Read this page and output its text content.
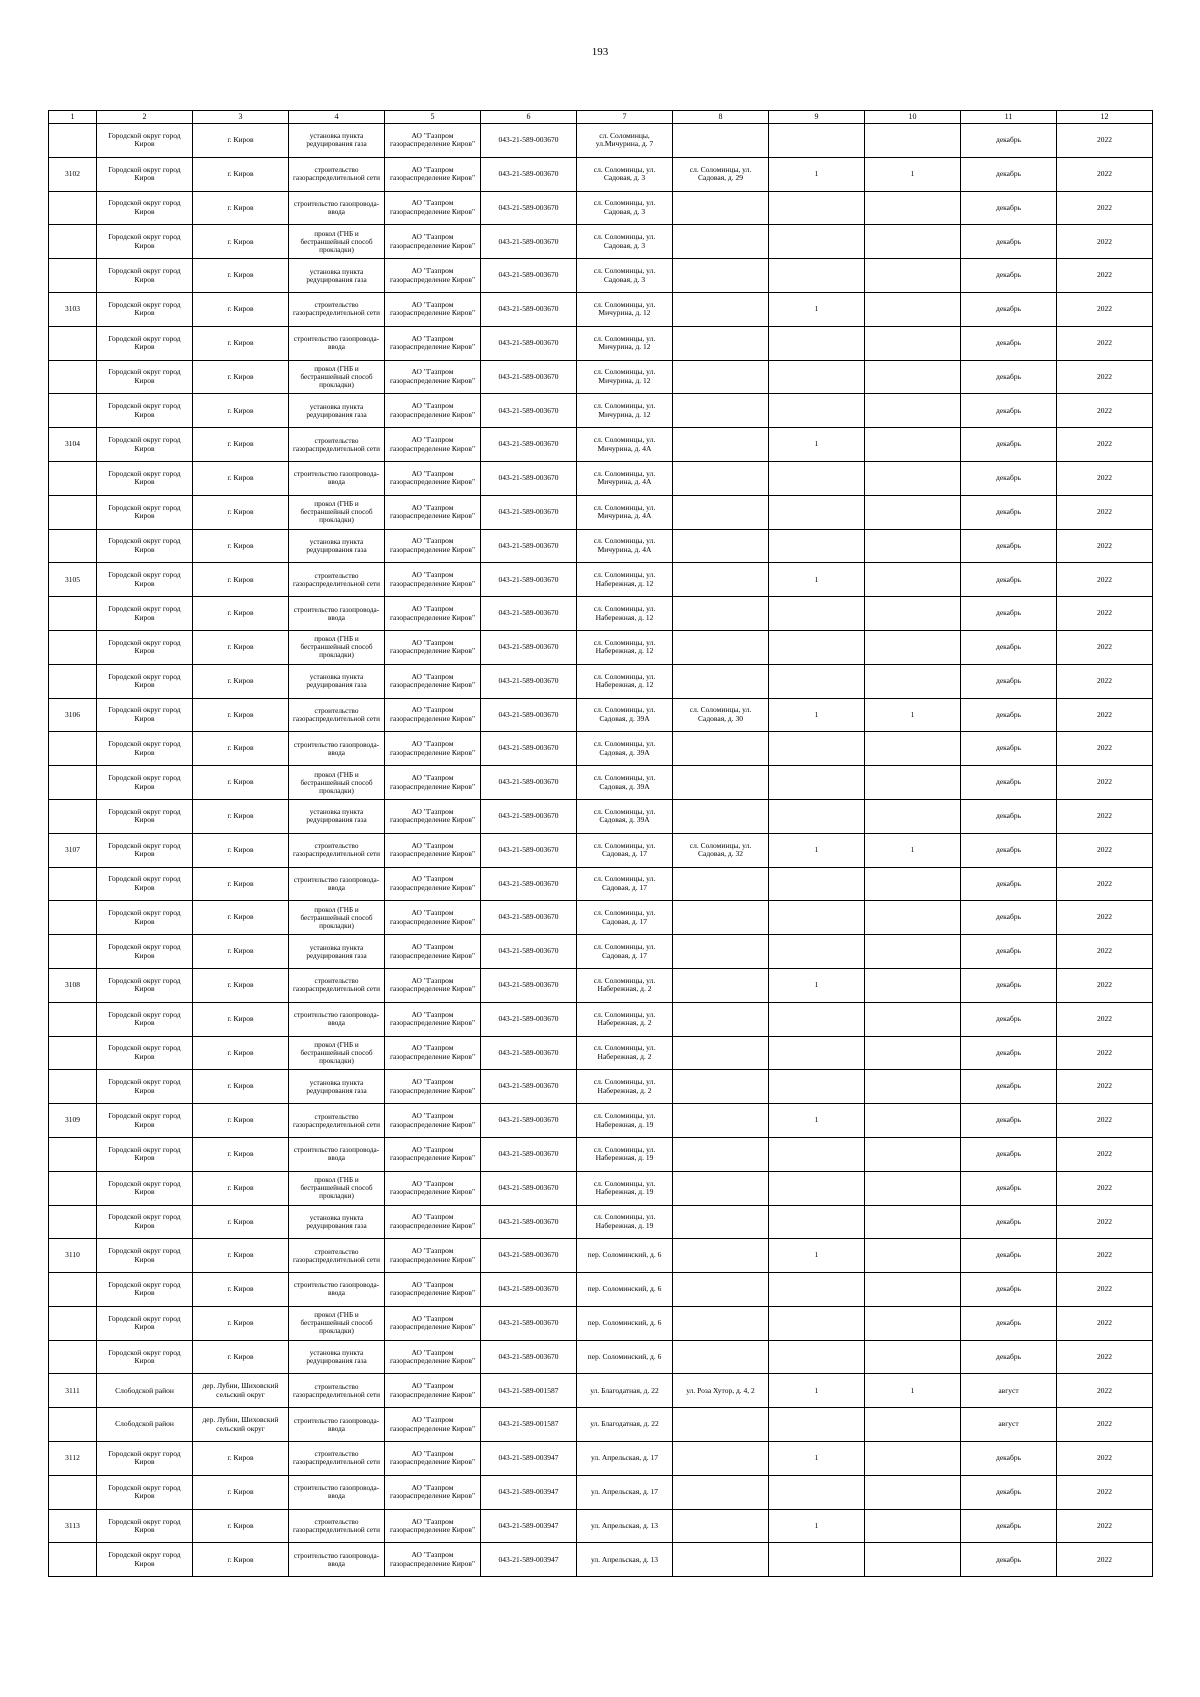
193
1	2	3	4	5	6	7	8	9	10	11	12
	Городской округ город Киров	г. Киров	установка пункта редуцирования газа	АО "Газпром газораспределение Киров"	043-21-589-003670	сл. Соломинцы, ул.Мичурина, д. 7				декабрь	2022
3102	Городской округ город Киров	г. Киров	строительство газораспределительной сети	АО "Газпром газораспределение Киров"	043-21-589-003670	сл. Соломинцы, ул. Садовая, д. 3	сл. Соломинцы, ул. Садовая, д. 29	1	1	декабрь	2022
	Городской округ город Киров	г. Киров	строительство газопровода-ввода	АО "Газпром газораспределение Киров"	043-21-589-003670	сл. Соломинцы, ул. Садовая, д. 3				декабрь	2022
	Городской округ город Киров	г. Киров	прокол (ГНБ и бестраншейный способ прокладки)	АО "Газпром газораспределение Киров"	043-21-589-003670	сл. Соломинцы, ул. Садовая, д. 3				декабрь	2022
	Городской округ город Киров	г. Киров	установка пункта редуцирования газа	АО "Газпром газораспределение Киров"	043-21-589-003670	сл. Соломинцы, ул. Садовая, д. 3				декабрь	2022
3103	Городской округ город Киров	г. Киров	строительство газораспределительной сети	АО "Газпром газораспределение Киров"	043-21-589-003670	сл. Соломинцы, ул. Мичурина, д. 12		1		декабрь	2022
	Городской округ город Киров	г. Киров	строительство газопровода-ввода	АО "Газпром газораспределение Киров"	043-21-589-003670	сл. Соломинцы, ул. Мичурина, д. 12				декабрь	2022
	Городской округ город Киров	г. Киров	прокол (ГНБ и бестраншейный способ прокладки)	АО "Газпром газораспределение Киров"	043-21-589-003670	сл. Соломинцы, ул. Мичурина, д. 12				декабрь	2022
	Городской округ город Киров	г. Киров	установка пункта редуцирования газа	АО "Газпром газораспределение Киров"	043-21-589-003670	сл. Соломинцы, ул. Мичурина, д. 12				декабрь	2022
3104	Городской округ город Киров	г. Киров	строительство газораспределительной сети	АО "Газпром газораспределение Киров"	043-21-589-003670	сл. Соломинцы, ул. Мичурина, д. 4А		1		декабрь	2022
	Городской округ город Киров	г. Киров	строительство газопровода-ввода	АО "Газпром газораспределение Киров"	043-21-589-003670	сл. Соломинцы, ул. Мичурина, д. 4А				декабрь	2022
	Городской округ город Киров	г. Киров	прокол (ГНБ и бестраншейный способ прокладки)	АО "Газпром газораспределение Киров"	043-21-589-003670	сл. Соломинцы, ул. Мичурина, д. 4А				декабрь	2022
	Городской округ город Киров	г. Киров	установка пункта редуцирования газа	АО "Газпром газораспределение Киров"	043-21-589-003670	сл. Соломинцы, ул. Мичурина, д. 4А				декабрь	2022
3105	Городской округ город Киров	г. Киров	строительство газораспределительной сети	АО "Газпром газораспределение Киров"	043-21-589-003670	сл. Соломинцы, ул. Набережная, д. 12		1		декабрь	2022
	Городской округ город Киров	г. Киров	строительство газопровода-ввода	АО "Газпром газораспределение Киров"	043-21-589-003670	сл. Соломинцы, ул. Набережная, д. 12				декабрь	2022
	Городской округ город Киров	г. Киров	прокол (ГНБ и бестраншейный способ прокладки)	АО "Газпром газораспределение Киров"	043-21-589-003670	сл. Соломинцы, ул. Набережная, д. 12				декабрь	2022
	Городской округ город Киров	г. Киров	установка пункта редуцирования газа	АО "Газпром газораспределение Киров"	043-21-589-003670	сл. Соломинцы, ул. Набережная, д. 12				декабрь	2022
3106	Городской округ город Киров	г. Киров	строительство газораспределительной сети	АО "Газпром газораспределение Киров"	043-21-589-003670	сл. Соломинцы, ул. Садовая, д. 39А	сл. Соломинцы, ул. Садовая, д. 30	1	1	декабрь	2022
	Городской округ город Киров	г. Киров	строительство газопровода-ввода	АО "Газпром газораспределение Киров"	043-21-589-003670	сл. Соломинцы, ул. Садовая, д. 39А				декабрь	2022
	Городской округ город Киров	г. Киров	прокол (ГНБ и бестраншейный способ прокладки)	АО "Газпром газораспределение Киров"	043-21-589-003670	сл. Соломинцы, ул. Садовая, д. 39А				декабрь	2022
	Городской округ город Киров	г. Киров	установка пункта редуцирования газа	АО "Газпром газораспределение Киров"	043-21-589-003670	сл. Соломинцы, ул. Садовая, д. 39А				декабрь	2022
3107	Городской округ город Киров	г. Киров	строительство газораспределительной сети	АО "Газпром газораспределение Киров"	043-21-589-003670	сл. Соломинцы, ул. Садовая, д. 17	сл. Соломинцы, ул. Садовая, д. 32	1	1	декабрь	2022
	Городской округ город Киров	г. Киров	строительство газопровода-ввода	АО "Газпром газораспределение Киров"	043-21-589-003670	сл. Соломинцы, ул. Садовая, д. 17				декабрь	2022
	Городской округ город Киров	г. Киров	прокол (ГНБ и бестраншейный способ прокладки)	АО "Газпром газораспределение Киров"	043-21-589-003670	сл. Соломинцы, ул. Садовая, д. 17				декабрь	2022
	Городской округ город Киров	г. Киров	установка пункта редуцирования газа	АО "Газпром газораспределение Киров"	043-21-589-003670	сл. Соломинцы, ул. Садовая, д. 17				декабрь	2022
3108	Городской округ город Киров	г. Киров	строительство газораспределительной сети	АО "Газпром газораспределение Киров"	043-21-589-003670	сл. Соломинцы, ул. Набережная, д. 2		1		декабрь	2022
	Городской округ город Киров	г. Киров	строительство газопровода-ввода	АО "Газпром газораспределение Киров"	043-21-589-003670	сл. Соломинцы, ул. Набережная, д. 2				декабрь	2022
	Городской округ город Киров	г. Киров	прокол (ГНБ и бестраншейный способ прокладки)	АО "Газпром газораспределение Киров"	043-21-589-003670	сл. Соломинцы, ул. Набережная, д. 2				декабрь	2022
	Городской округ город Киров	г. Киров	установка пункта редуцирования газа	АО "Газпром газораспределение Киров"	043-21-589-003670	сл. Соломинцы, ул. Набережная, д. 2				декабрь	2022
3109	Городской округ город Киров	г. Киров	строительство газораспределительной сети	АО "Газпром газораспределение Киров"	043-21-589-003670	сл. Соломинцы, ул. Набережная, д. 19		1		декабрь	2022
	Городской округ город Киров	г. Киров	строительство газопровода-ввода	АО "Газпром газораспределение Киров"	043-21-589-003670	сл. Соломинцы, ул. Набережная, д. 19				декабрь	2022
	Городской округ город Киров	г. Киров	прокол (ГНБ и бестраншейный способ прокладки)	АО "Газпром газораспределение Киров"	043-21-589-003670	сл. Соломинцы, ул. Набережная, д. 19				декабрь	2022
	Городской округ город Киров	г. Киров	установка пункта редуцирования газа	АО "Газпром газораспределение Киров"	043-21-589-003670	сл. Соломинцы, ул. Набережная, д. 19				декабрь	2022
3110	Городской округ город Киров	г. Киров	строительство газораспределительной сети	АО "Газпром газораспределение Киров"	043-21-589-003670	пер. Соломинский, д. 6		1		декабрь	2022
	Городской округ город Киров	г. Киров	строительство газопровода-ввода	АО "Газпром газораспределение Киров"	043-21-589-003670	пер. Соломинский, д. 6				декабрь	2022
	Городской округ город Киров	г. Киров	прокол (ГНБ и бестраншейный способ прокладки)	АО "Газпром газораспределение Киров"	043-21-589-003670	пер. Соломинский, д. 6				декабрь	2022
	Городской округ город Киров	г. Киров	установка пункта редуцирования газа	АО "Газпром газораспределение Киров"	043-21-589-003670	пер. Соломинский, д. 6				декабрь	2022
3111	Слободской район	дер. Лубни, Шиховский сельский округ	строительство газораспределительной сети	АО "Газпром газораспределение Киров"	043-21-589-001587	ул. Благодатная, д. 22	ул. Роза Хутор, д. 4, 2	1	1	август	2022
	Слободской район	дер. Лубни, Шиховский сельский округ	строительство газопровода-ввода	АО "Газпром газораспределение Киров"	043-21-589-001587	ул. Благодатная, д. 22				август	2022
3112	Городской округ город Киров	г. Киров	строительство газораспределительной сети	АО "Газпром газораспределение Киров"	043-21-589-003947	ул. Апрельская, д. 17		1		декабрь	2022
	Городской округ город Киров	г. Киров	строительство газопровода-ввода	АО "Газпром газораспределение Киров"	043-21-589-003947	ул. Апрельская, д. 17				декабрь	2022
3113	Городской округ город Киров	г. Киров	строительство газораспределительной сети	АО "Газпром газораспределение Киров"	043-21-589-003947	ул. Апрельская, д. 13		1		декабрь	2022
	Городской округ город Киров	г. Киров	строительство газопровода-ввода	АО "Газпром газораспределение Киров"	043-21-589-003947	ул. Апрельская, д. 13				декабрь	2022
